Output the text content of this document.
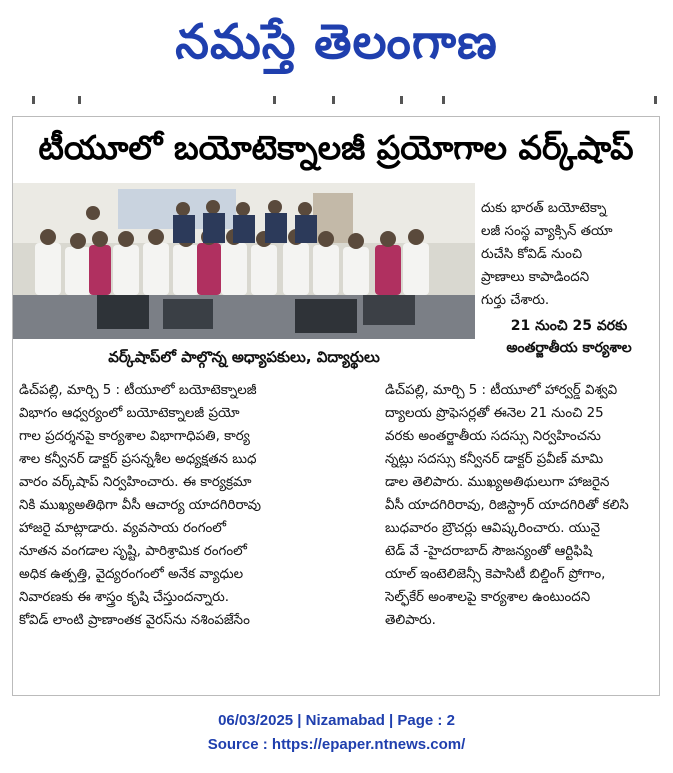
నమస్తే తెలంగాణ
టీయూలో బయోటెక్నాలజీ ప్రయోగాల వర్క్‌షాప్
వర్క్‌షాప్‌లో పాల్గొన్న అధ్యాపకులు, విద్యార్థులు

దుకు భారత్ బయోటెక్నా

లజీ సంస్థ వ్యాక్సిన్ తయా

రుచేసి కోవిడ్ నుంచి

ప్రాణాలు కాపాడిందని

గుర్తు చేశారు.

21 నుంచి 25 వరకు
అంతర్జాతీయ కార్యశాల

డిచ్‌పల్లి, మార్చి 5 : టీయూలో బయోటెక్నాలజీ

విభాగం ఆధ్వర్యంలో బయోటెక్నాలజీ ప్రయో

గాల ప్రదర్శనపై కార్యశాల విభాగాధిపతి, కార్య

శాల కన్వీనర్ డాక్టర్ ప్రసన్నశీల అధ్యక్షతన బుధ

వారం వర్క్‌షాప్ నిర్వహించారు. ఈ కార్యక్రమా

నికి ముఖ్యఅతిథిగా వీసీ ఆచార్య యాదగిరిరావు

హాజరై మాట్లాడారు. వ్యవసాయ రంగంలో

నూతన వంగడాల సృష్టి, పారిశ్రామిక రంగంలో

అధిక ఉత్పత్తి, వైద్యరంగంలో అనేక వ్యాధుల

నివారణకు ఈ శాస్త్రం కృషి చేస్తుందన్నారు.

కోవిడ్ లాంటి ప్రాణాంతక వైరస్‌ను నశింపజేసేం

డిచ్‌పల్లి, మార్చి 5 : టీయూలో హార్వర్డ్ విశ్వవి

ద్యాలయ ప్రొఫెసర్లతో ఈనెల 21 నుంచి 25

వరకు అంతర్జాతీయ సదస్సు నిర్వహించను

న్నట్లు సదస్సు కన్వీనర్ డాక్టర్ ప్రవీణ్ మామి

డాల తెలిపారు. ముఖ్యఅతిథులుగా హాజరైన

వీసీ యాదగిరిరావు, రిజిస్ట్రార్ యాదగిరితో కలిసి

బుధవారం బ్రౌచర్లు ఆవిష్కరించారు. యునై

టెడ్ వే -హైదరాబాద్ సౌజన్యంతో ఆర్టిఫిషి

యాల్ ఇంటెలిజెన్సీ కెపాసిటీ బిల్డింగ్ ప్రోగాం,

సెల్ఫ్‌కేర్ అంశాలపై కార్యశాల ఉంటుందని

తెలిపారు.

06/03/2025 | Nizamabad | Page : 2
Source : https://epaper.ntnews.com/
